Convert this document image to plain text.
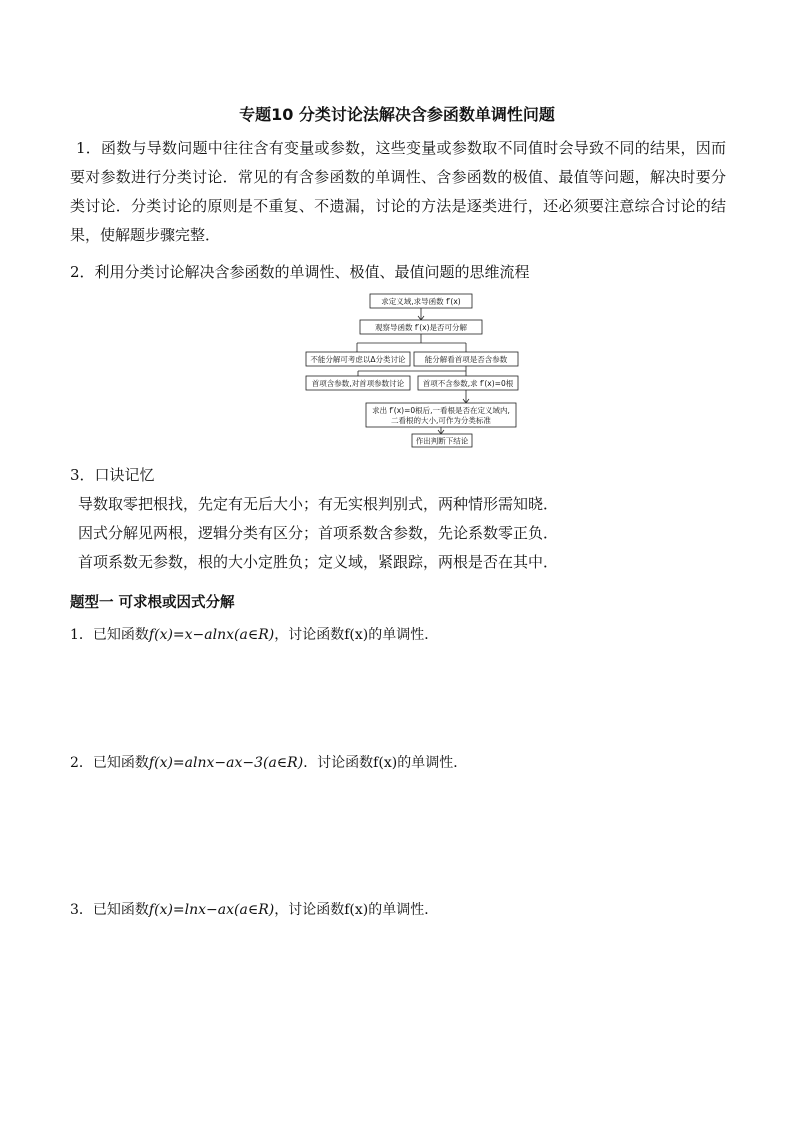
专题10 分类讨论法解决含参函数单调性问题
1．函数与导数问题中往往含有变量或参数，这些变量或参数取不同值时会导致不同的结果，因而要对参数进行分类讨论．常见的有含参函数的单调性、含参函数的极值、最值等问题，解决时要分类讨论．分类讨论的原则是不重复、不遗漏，讨论的方法是逐类进行，还必须要注意综合讨论的结果，使解题步骤完整．
2．利用分类讨论解决含参函数的单调性、极值、最值问题的思维流程
求定义域,求导函数 f′(x)
观察导函数 f′(x)是否可分解
不能分解可考虑以Δ分类讨论	能分解看首项是否含参数
首项含参数,对首项参数讨论 首项不含参数,求 f′(x)=0根
求出 f′(x)=0根后,一看根是否在定义域内,
二看根的大小,可作为分类标准
作出判断下结论
3．口诀记忆
导数取零把根找，先定有无后大小；有无实根判别式，两种情形需知晓．
因式分解见两根，逻辑分类有区分；首项系数含参数，先论系数零正负．
首项系数无参数，根的大小定胜负；定义域，紧跟踪，两根是否在其中．
题型一 可求根或因式分解
1．已知函数f(x)=x−alnx(a∈R)，讨论函数f(x)的单调性．
2．已知函数f(x)=alnx−ax−3(a∈R)．讨论函数f(x)的单调性．
3．已知函数f(x)=lnx−ax(a∈R)，讨论函数f(x)的单调性．
